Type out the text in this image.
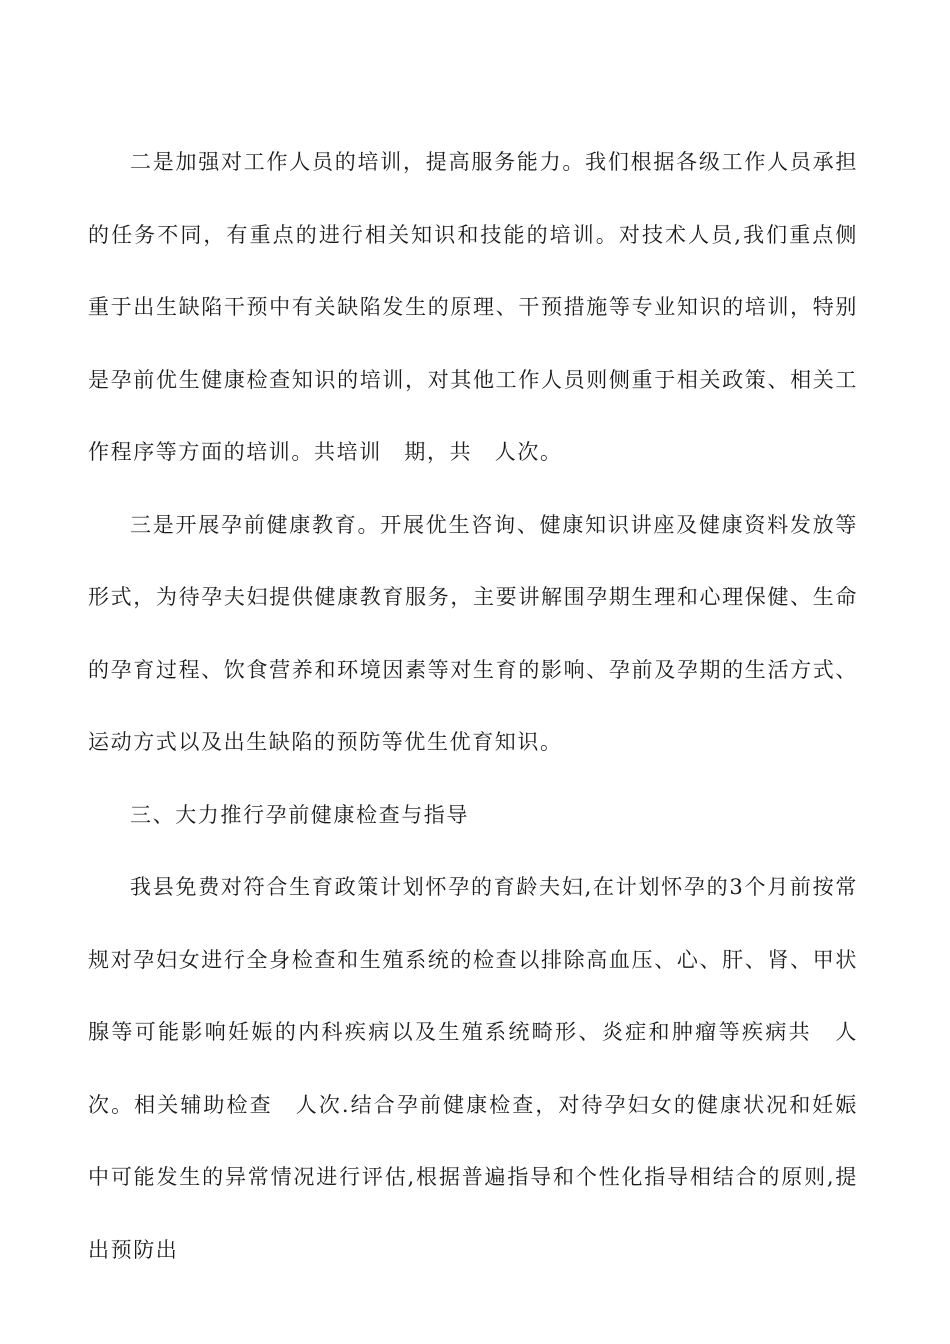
二是加强对工作人员的培训，提高服务能力。我们根据各级工作人员承担的任务不同，有重点的进行相关知识和技能的培训。对技术人员,我们重点侧重于出生缺陷干预中有关缺陷发生的原理、干预措施等专业知识的培训，特别是孕前优生健康检查知识的培训，对其他工作人员则侧重于相关政策、相关工作程序等方面的培训。共培训　期，共　人次。

三是开展孕前健康教育。开展优生咨询、健康知识讲座及健康资料发放等形式，为待孕夫妇提供健康教育服务，主要讲解围孕期生理和心理保健、生命的孕育过程、饮食营养和环境因素等对生育的影响、孕前及孕期的生活方式、运动方式以及出生缺陷的预防等优生优育知识。

三、大力推行孕前健康检查与指导

我县免费对符合生育政策计划怀孕的育龄夫妇,在计划怀孕的3个月前按常规对孕妇女进行全身检查和生殖系统的检查以排除高血压、心、肝、肾、甲状腺等可能影响妊娠的内科疾病以及生殖系统畸形、炎症和肿瘤等疾病共　人次。相关辅助检查　人次.结合孕前健康检查，对待孕妇女的健康状况和妊娠中可能发生的异常情况进行评估,根据普遍指导和个性化指导相结合的原则,提出预防出
